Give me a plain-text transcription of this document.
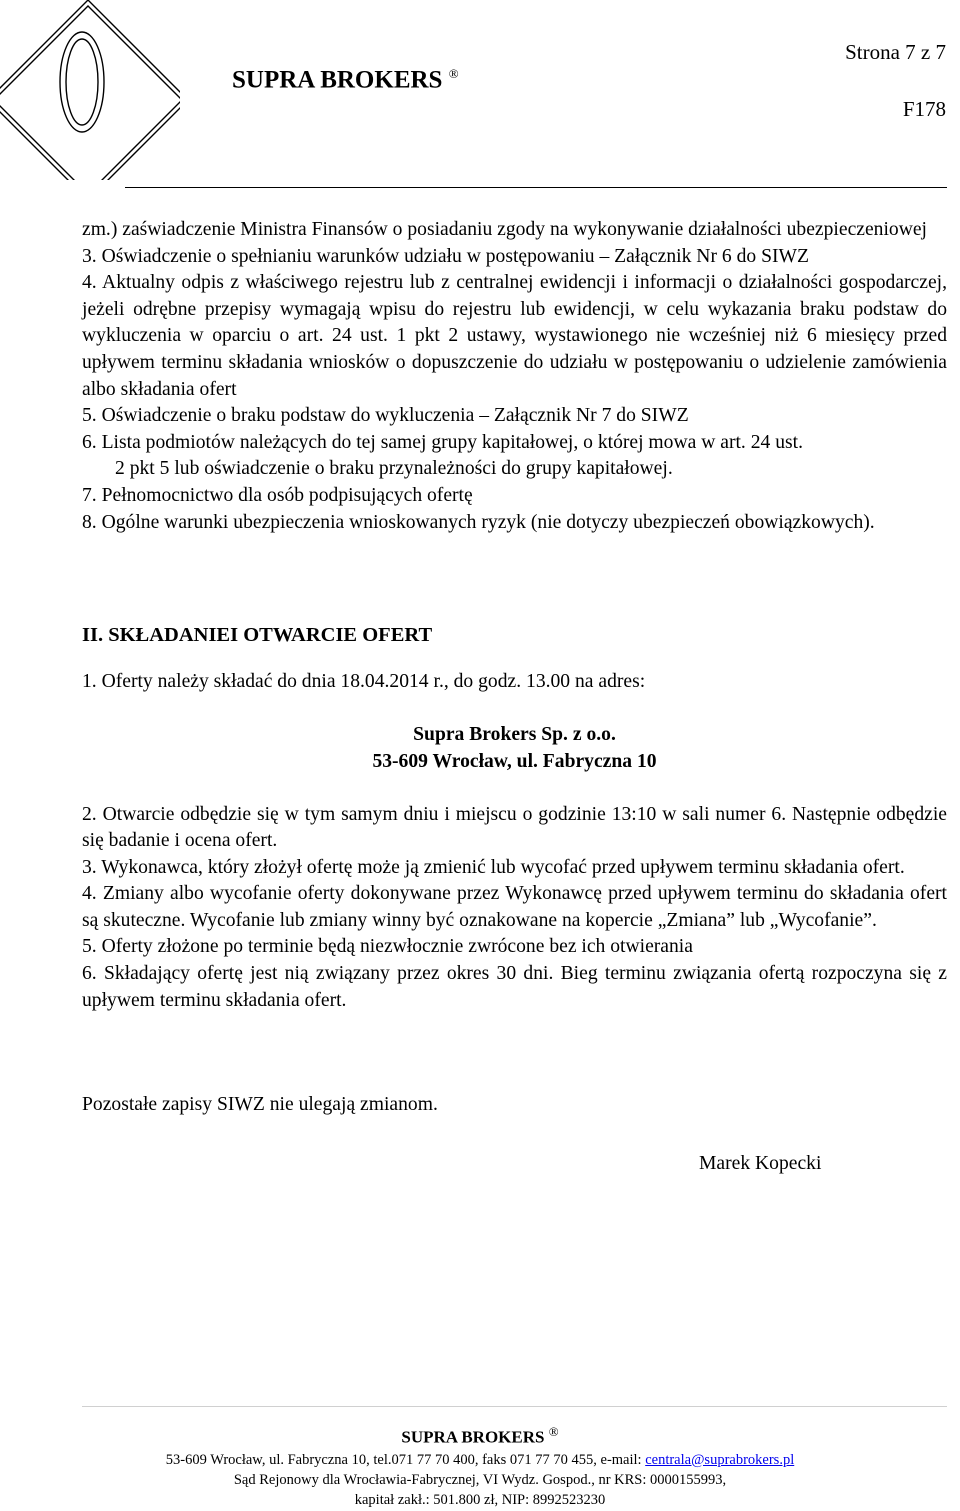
SUPRA BROKERS ®
Strona 7 z 7
F178

zm.) zaświadczenie Ministra Finansów o posiadaniu zgody na wykonywanie działalności ubezpieczeniowej

3. Oświadczenie o spełnianiu warunków udziału w postępowaniu – Załącznik Nr 6 do SIWZ

4. Aktualny odpis z właściwego rejestru lub z centralnej ewidencji i informacji o działalności gospodarczej, jeżeli odrębne przepisy wymagają wpisu do rejestru lub ewidencji, w celu wykazania braku podstaw do wykluczenia w oparciu o art. 24 ust. 1 pkt 2 ustawy, wystawionego nie wcześniej niż 6 miesięcy przed upływem terminu składania wniosków o dopuszczenie do udziału w postępowaniu o udzielenie zamówienia albo składania ofert

5. Oświadczenie o braku podstaw do wykluczenia – Załącznik Nr 7 do SIWZ

6. Lista podmiotów należących do tej samej grupy kapitałowej, o której mowa w art. 24 ust.

2 pkt 5 lub oświadczenie o braku przynależności do grupy kapitałowej.

7. Pełnomocnictwo dla osób podpisujących ofertę

8. Ogólne warunki ubezpieczenia wnioskowanych ryzyk (nie dotyczy ubezpieczeń obowiązkowych).

II. SKŁADANIEI OTWARCIE OFERT

1. Oferty należy składać do dnia 18.04.2014 r., do godz. 13.00 na adres:

Supra Brokers Sp. z o.o.

53-609 Wrocław, ul. Fabryczna 10

2. Otwarcie odbędzie się w tym samym dniu i miejscu o godzinie 13:10 w sali numer 6. Następnie odbędzie się badanie i ocena ofert.

3. Wykonawca, który złożył ofertę może ją zmienić lub wycofać przed upływem terminu składania ofert.

4. Zmiany albo wycofanie oferty dokonywane przez Wykonawcę przed upływem terminu do składania ofert są skuteczne. Wycofanie lub zmiany winny być oznakowane na kopercie „Zmiana” lub „Wycofanie”.

5. Oferty złożone po terminie będą niezwłocznie zwrócone bez ich otwierania

6. Składający ofertę jest nią związany przez okres 30 dni. Bieg terminu związania ofertą rozpoczyna się z upływem terminu składania ofert.

Pozostałe zapisy SIWZ nie ulegają zmianom.

Marek Kopecki

SUPRA BROKERS ®
53-609 Wrocław, ul. Fabryczna 10, tel.071 77 70 400, faks 071 77 70 455, e-mail: centrala@suprabrokers.pl
Sąd Rejonowy dla Wrocławia-Fabrycznej, VI Wydz. Gospod., nr KRS: 0000155993,
kapitał zakł.: 501.800 zł, NIP: 8992523230
